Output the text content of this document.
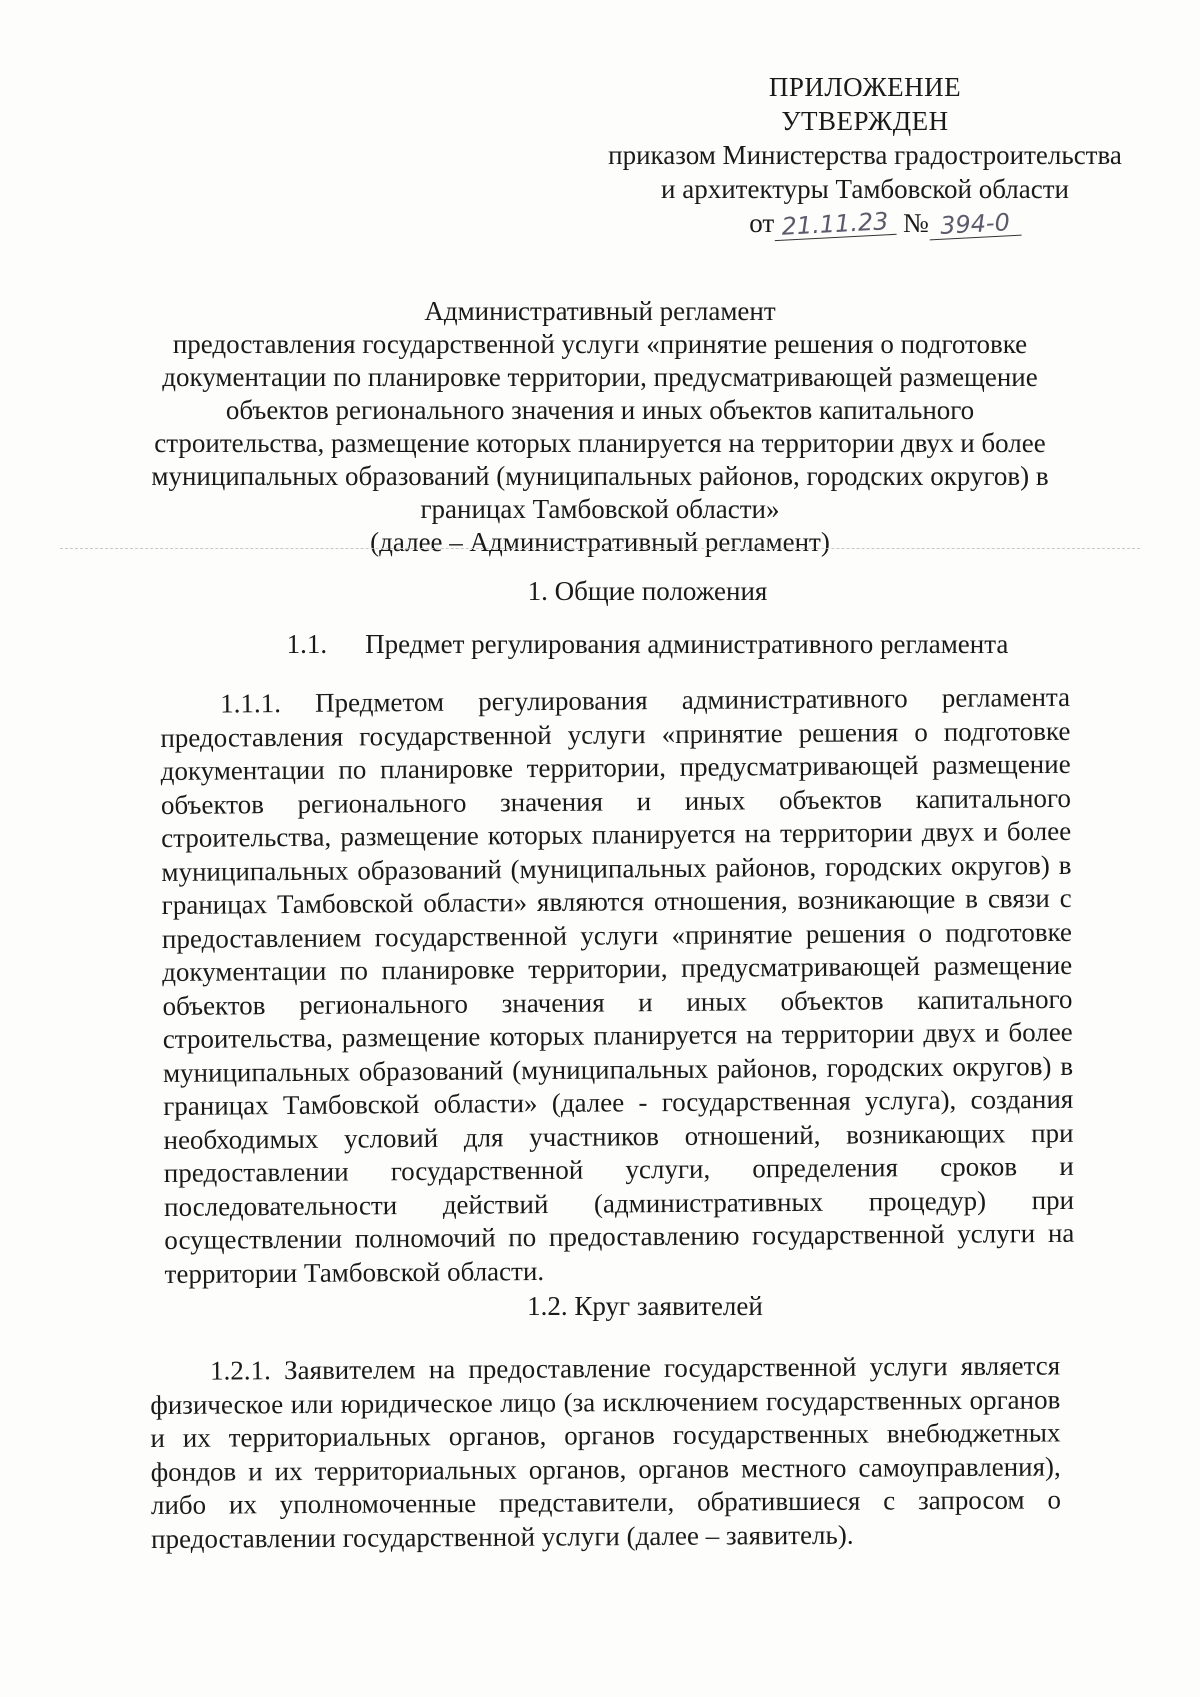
ПРИЛОЖЕНИЕ
УТВЕРЖДЕН
приказом Министерства градостроительства
и архитектуры Тамбовской области
от 21.11.23 № 394-0
Административный регламент
предоставления государственной услуги «принятие решения о подготовке документации по планировке территории, предусматривающей размещение объектов регионального значения и иных объектов капитального строительства, размещение которых планируется на территории двух и более муниципальных образований (муниципальных районов, городских округов) в границах Тамбовской области»
(далее – Административный регламент)
1. Общие положения
1.1. Предмет регулирования административного регламента
1.1.1. Предметом регулирования административного регламента предоставления государственной услуги «принятие решения о подготовке документации по планировке территории, предусматривающей размещение объектов регионального значения и иных объектов капитального строительства, размещение которых планируется на территории двух и более муниципальных образований (муниципальных районов, городских округов) в границах Тамбовской области» являются отношения, возникающие в связи с предоставлением государственной услуги «принятие решения о подготовке документации по планировке территории, предусматривающей размещение объектов регионального значения и иных объектов капитального строительства, размещение которых планируется на территории двух и более муниципальных образований (муниципальных районов, городских округов) в границах Тамбовской области» (далее - государственная услуга), создания необходимых условий для участников отношений, возникающих при предоставлении государственной услуги, определения сроков и последовательности действий (административных процедур) при осуществлении полномочий по предоставлению государственной услуги на территории Тамбовской области.
1.2. Круг заявителей
1.2.1. Заявителем на предоставление государственной услуги является физическое или юридическое лицо (за исключением государственных органов и их территориальных органов, органов государственных внебюджетных фондов и их территориальных органов, органов местного самоуправления), либо их уполномоченные представители, обратившиеся с запросом о предоставлении государственной услуги (далее – заявитель).
